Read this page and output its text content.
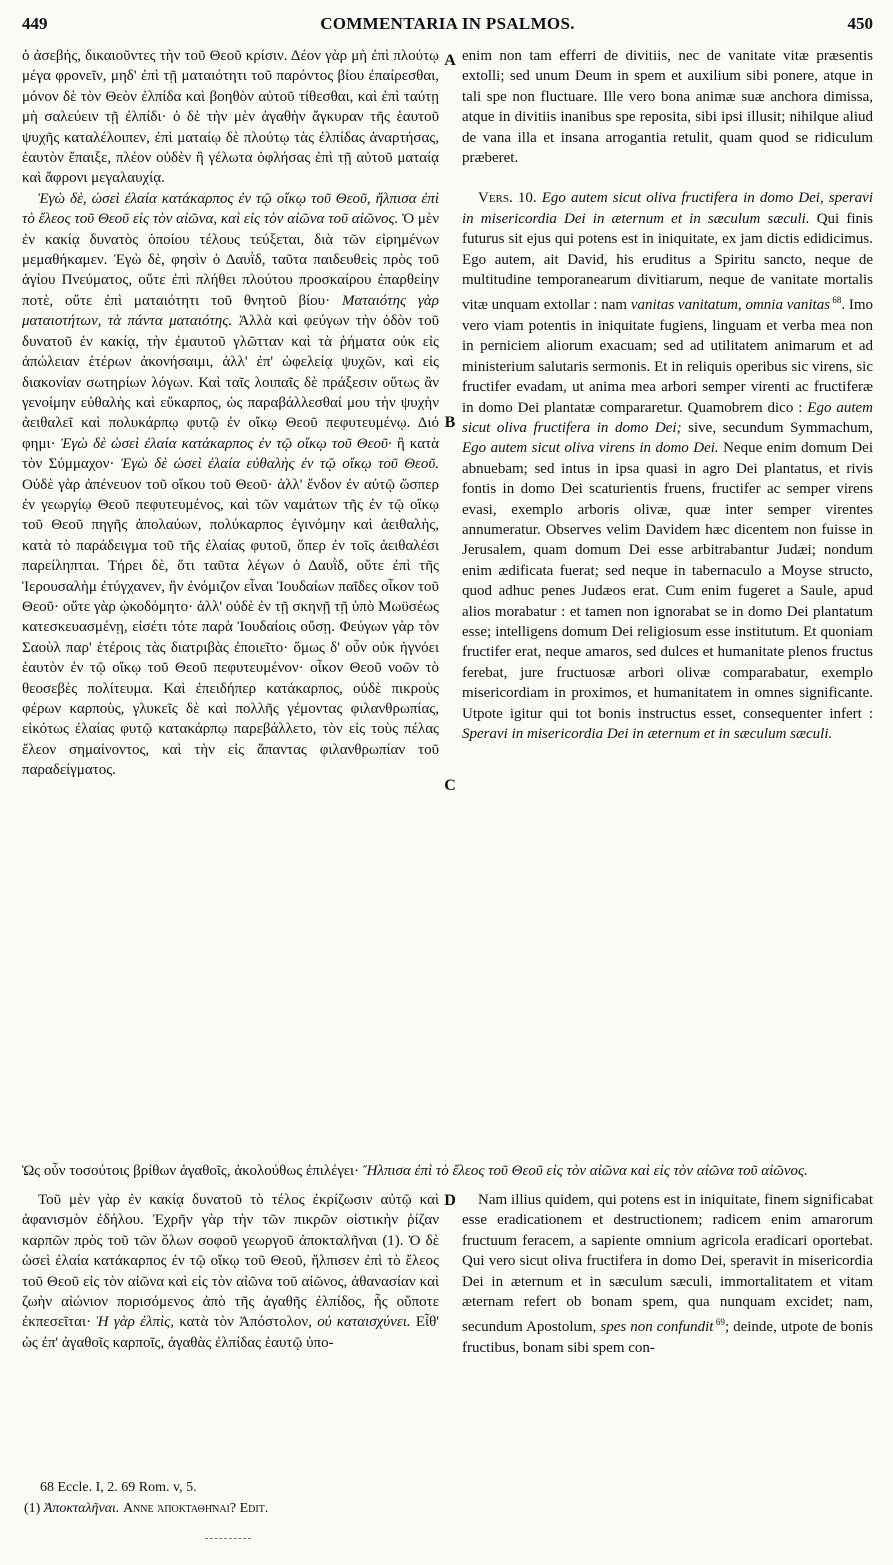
449	COMMENTARIA IN PSALMOS.	450
A
B
C
D

ὁ ἀσεβής, δικαιοῦντες τὴν τοῦ Θεοῦ κρίσιν. Δέον γὰρ μὴ ἐπὶ πλούτῳ μέγα φρονεῖν, μηδ' ἐπὶ τῇ ματαιότητι τοῦ παρόντος βίου ἐπαίρεσθαι, μόνον δὲ τὸν Θεὸν ἐλπίδα καὶ βοηθὸν αὐτοῦ τίθεσθαι, καὶ ἐπὶ ταύτῃ μὴ σαλεύειν τῇ ἐλπίδι· ὁ δὲ τὴν μὲν ἀγαθὴν ἄγκυραν τῆς ἑαυτοῦ ψυχῆς καταλέλοιπεν, ἐπὶ ματαίῳ δὲ πλούτῳ τὰς ἐλπίδας ἀναρτήσας, ἑαυτὸν ἔπαιξε, πλέον οὐδὲν ἢ γέλωτα ὀφλήσας ἐπὶ τῇ αὐτοῦ ματαίᾳ καὶ ἄφρονι μεγαλαυχίᾳ.

Ἐγὼ δὲ, ὡσεὶ ἐλαία κατάκαρπος ἐν τῷ οἴκῳ τοῦ Θεοῦ, ἤλπισα ἐπὶ τὸ ἔλεος τοῦ Θεοῦ εἰς τὸν αἰῶνα, καὶ εἰς τὸν αἰῶνα τοῦ αἰῶνος. Ὁ μὲν ἐν κακίᾳ δυνατὸς ὁποίου τέλους τεύξεται, διὰ τῶν εἰρημένων μεμαθήκαμεν. Ἐγὼ δὲ, φησὶν ὁ Δαυῒδ, ταῦτα παιδευθεὶς πρὸς τοῦ ἁγίου Πνεύματος, οὔτε ἐπὶ πλήθει πλούτου προσκαίρου ἐπαρθείην ποτὲ, οὔτε ἐπὶ ματαιότητι τοῦ θνητοῦ βίου· Ματαιότης γὰρ ματαιοτήτων, τὰ πάντα ματαιότης. Ἀλλὰ καὶ φεύγων τὴν ὁδὸν τοῦ δυνατοῦ ἐν κακίᾳ, τὴν ἐμαυτοῦ γλῶτταν καὶ τὰ ῥήματα οὐκ εἰς ἀπώλειαν ἑτέρων ἀκονήσαιμι, ἀλλ' ἐπ' ὠφελείᾳ ψυχῶν, καὶ εἰς διακονίαν σωτηρίων λόγων. Καὶ ταῖς λοιπαῖς δὲ πράξεσιν οὕτως ἂν γενοίμην εὐθαλὴς καὶ εὔκαρπος, ὡς παραβάλλεσθαί μου τὴν ψυχὴν ἀειθαλεῖ καὶ πολυκάρπῳ φυτῷ ἐν οἴκῳ Θεοῦ πεφυτευμένῳ. Διό φημι· Ἐγὼ δὲ ὡσεὶ ἐλαία κατάκαρπος ἐν τῷ οἴκῳ τοῦ Θεοῦ· ἢ κατὰ τὸν Σύμμαχον· Ἐγὼ δὲ ὡσεὶ ἐλαία εὐθαλὴς ἐν τῷ οἴκῳ τοῦ Θεοῦ. Οὐδὲ γὰρ ἀπένευον τοῦ οἴκου τοῦ Θεοῦ· ἀλλ' ἔνδον ἐν αὐτῷ ὥσπερ ἐν γεωργίῳ Θεοῦ πεφυτευμένος, καὶ τῶν ναμάτων τῆς ἐν τῷ οἴκῳ τοῦ Θεοῦ πηγῆς ἀπολαύων, πολύκαρπος ἐγινόμην καὶ ἀειθαλὴς, κατὰ τὸ παράδειγμα τοῦ τῆς ἐλαίας φυτοῦ, ὅπερ ἐν τοῖς ἀειθαλέσι παρείληπται. Τήρει δὲ, ὅτι ταῦτα λέγων ὁ Δαυῒδ, οὔτε ἐπὶ τῆς Ἱερουσαλὴμ ἐτύγχανεν, ἣν ἐνόμιζον εἶναι Ἰουδαίων παῖδες οἶκον τοῦ Θεοῦ· οὔτε γὰρ ᾠκοδόμητο· ἀλλ' οὐδὲ ἐν τῇ σκηνῇ τῇ ὑπὸ Μωϋσέως κατεσκευασμένῃ, εἰσέτι τότε παρὰ Ἰουδαίοις οὔσῃ. Φεύγων γὰρ τὸν Σαοὺλ παρ' ἑτέροις τὰς διατριβὰς ἐποιεῖτο· ὅμως δ' οὖν οὐκ ἠγνόει ἑαυτὸν ἐν τῷ οἴκῳ τοῦ Θεοῦ πεφυτευμένον· οἶκον Θεοῦ νοῶν τὸ θεοσεβὲς πολίτευμα. Καὶ ἐπειδήπερ κατάκαρπος, οὐδὲ πικροὺς φέρων καρποὺς, γλυκεῖς δὲ καὶ πολλῆς γέμοντας φιλανθρωπίας, εἰκότως ἐλαίας φυτῷ κατακάρπῳ παρεβάλλετο, τὸν εἰς τοὺς πέλας ἔλεον σημαίνοντος, καὶ τὴν εἰς ἅπαντας φιλανθρωπίαν τοῦ παραδείγματος.

enim non tam efferri de divitiis, nec de vanitate vitæ præsentis extolli; sed unum Deum in spem et auxilium sibi ponere, atque in tali spe non fluctuare. Ille vero bona animæ suæ anchora dimissa, atque in divitiis inanibus spe reposita, sibi ipsi illusit; nihilque aliud de vana illa et insana arrogantia retulit, quam quod se ridiculum præberet.

Vers. 10. Ego autem sicut oliva fructifera in domo Dei, speravi in misericordia Dei in æternum et in sæculum sæculi. Qui finis futurus sit ejus qui potens est in iniquitate, ex jam dictis edidicimus. Ego autem, ait David, his eruditus a Spiritu sancto, neque de multitudine temporanearum divitiarum, neque de vanitate mortalis vitæ unquam extollar : nam vanitas vanitatum, omnia vanitas $^{68}$. Imo vero viam potentis in iniquitate fugiens, linguam et verba mea non in perniciem aliorum exacuam; sed ad utilitatem animarum et ad ministerium salutaris sermonis. Et in reliquis operibus sic virens, sic fructifer evadam, ut anima mea arbori semper virenti ac fructiferæ in domo Dei plantatæ compararetur. Quamobrem dico : Ego autem sicut oliva fructifera in domo Dei; sive, secundum Symmachum, Ego autem sicut oliva virens in domo Dei. Neque enim domum Dei abnuebam; sed intus in ipsa quasi in agro Dei plantatus, et rivis fontis in domo Dei scaturientis fruens, fructifer ac semper virens evasi, exemplo arboris olivæ, quæ inter semper virentes annumeratur. Observes velim Davidem hæc dicentem non fuisse in Jerusalem, quam domum Dei esse arbitrabantur Judæi; nondum enim ædificata fuerat; sed neque in tabernaculo a Moyse structo, quod adhuc penes Judæos erat. Cum enim fugeret a Saule, apud alios morabatur : et tamen non ignorabat se in domo Dei plantatum esse; intelligens domum Dei religiosum esse institutum. Et quoniam fructifer erat, neque amaros, sed dulces et humanitate plenos fructus ferebat, jure fructuosæ arbori olivæ comparabatur, exemplo misericordiam in proximos, et humanitatem in omnes significante. Utpote igitur qui tot bonis instructus esset, consequenter infert : Speravi in misericordia Dei in æternum et in sæculum sæculi.

Ὡς οὖν τοσούτοις βρίθων ἀγαθοῖς, ἀκολούθως ἐπιλέγει· Ἤλπισα ἐπὶ τὸ ἔλεος τοῦ Θεοῦ εἰς τὸν αἰῶνα καὶ εἰς τὸν αἰῶνα τοῦ αἰῶνος.

Τοῦ μὲν γὰρ ἐν κακίᾳ δυνατοῦ τὸ τέλος ἐκρίζωσιν αὐτῷ καὶ ἀφανισμὸν ἐδήλου. Ἐχρῆν γὰρ τὴν τῶν πικρῶν οἰστικὴν ῥίζαν καρπῶν πρὸς τοῦ τῶν ὅλων σοφοῦ γεωργοῦ ἀποκταλῆναι (1). Ὁ δὲ ὡσεὶ ἐλαία κατάκαρπος ἐν τῷ οἴκῳ τοῦ Θεοῦ, ἤλπισεν ἐπὶ τὸ ἔλεος τοῦ Θεοῦ εἰς τὸν αἰῶνα καὶ εἰς τὸν αἰῶνα τοῦ αἰῶνος, ἀθανασίαν καὶ ζωὴν αἰώνιον πορισόμενος ἀπὸ τῆς ἀγαθῆς ἐλπίδος, ἧς οὔποτε ἐκπεσεῖται· Ἡ γὰρ ἐλπὶς, κατὰ τὸν Ἀπόστολον, οὐ καταισχύνει. Εἶθ' ὡς ἐπ' ἀγαθοῖς καρποῖς, ἀγαθὰς ἐλπίδας ἑαυτῷ ὑπο-

Nam illius quidem, qui potens est in iniquitate, finem significabat esse eradicationem et destructionem; radicem enim amarorum fructuum feracem, a sapiente omnium agricola eradicari oportebat. Qui vero sicut oliva fructifera in domo Dei, speravit in misericordia Dei in æternum et in sæculum sæculi, immortalitatem et vitam æternam refert ob bonam spem, qua nunquam excidet; nam, secundum Apostolum, spes non confundit $^{69}$; deinde, utpote de bonis fructibus, bonam sibi spem con-

68 Eccle. I, 2. 69 Rom. v, 5.
(1) Ἀποκταλῆναι. Anne ἀποκταθῆναι? Edit.
